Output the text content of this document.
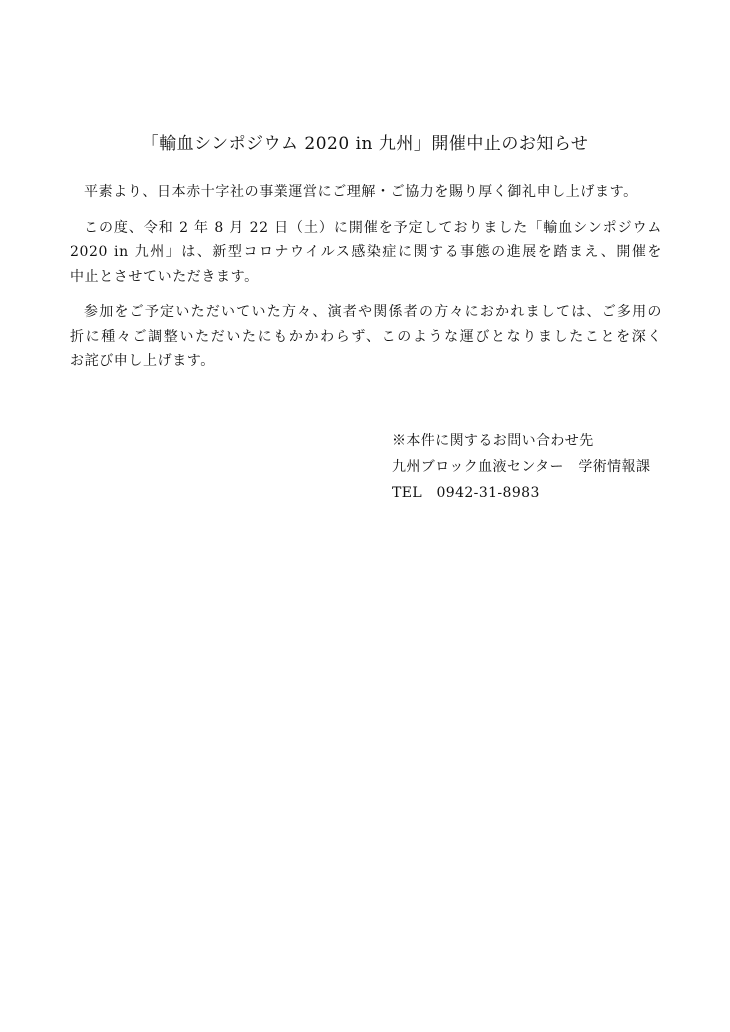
「輸血シンポジウム 2020 in 九州」開催中止のお知らせ

平素より、日本赤十字社の事業運営にご理解・ご協力を賜り厚く御礼申し上げます。

この度、令和 2 年 8 月 22 日（土）に開催を予定しておりました「輸血シンポジウム
2020 in 九州」は、新型コロナウイルス感染症に関する事態の進展を踏まえ、開催を
中止とさせていただきます。

参加をご予定いただいていた方々、演者や関係者の方々におかれましては、ご多用の
折に種々ご調整いただいたにもかかわらず、このような運びとなりましたことを深く
お詫び申し上げます。

※本件に関するお問い合わせ先
九州ブロック血液センター　学術情報課
TEL　0942-31-8983
